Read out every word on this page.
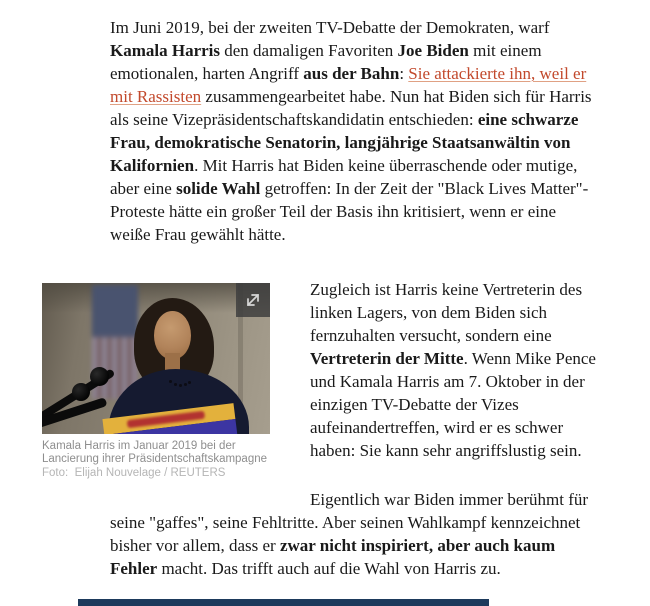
Im Juni 2019, bei der zweiten TV-Debatte der Demokraten, warf
Kamala Harris den damaligen Favoriten Joe Biden mit einem
emotionalen, harten Angriff aus der Bahn: Sie attackierte ihn, weil er
mit Rassisten zusammengearbeitet habe. Nun hat Biden sich für Harris
als seine Vizepräsidentschaftskandidatin entschieden: eine schwarze
Frau, demokratische Senatorin, langjährige Staatsanwältin von
Kalifornien. Mit Harris hat Biden keine überraschende oder mutige,
aber eine solide Wahl getroffen: In der Zeit der "Black Lives Matter"-
Proteste hätte ein großer Teil der Basis ihn kritisiert, wenn er eine
weiße Frau gewählt hätte.
Kamala Harris im Januar 2019 bei der
Lancierung ihrer Präsidentschaftskampagne
Foto:  Elijah Nouvelage / REUTERS
Zugleich ist Harris keine Vertreterin des
linken Lagers, von dem Biden sich
fernzuhalten versucht, sondern eine
Vertreterin der Mitte. Wenn Mike Pence
und Kamala Harris am 7. Oktober in der
einzigen TV-Debatte der Vizes
aufeinandertreffen, wird er es schwer
haben: Sie kann sehr angriffslustig sein.
Eigentlich war Biden immer berühmt für
seine "gaffes", seine Fehltritte. Aber seinen Wahlkampf kennzeichnet
bisher vor allem, dass er zwar nicht inspiriert, aber auch kaum
Fehler macht. Das trifft auch auf die Wahl von Harris zu.
